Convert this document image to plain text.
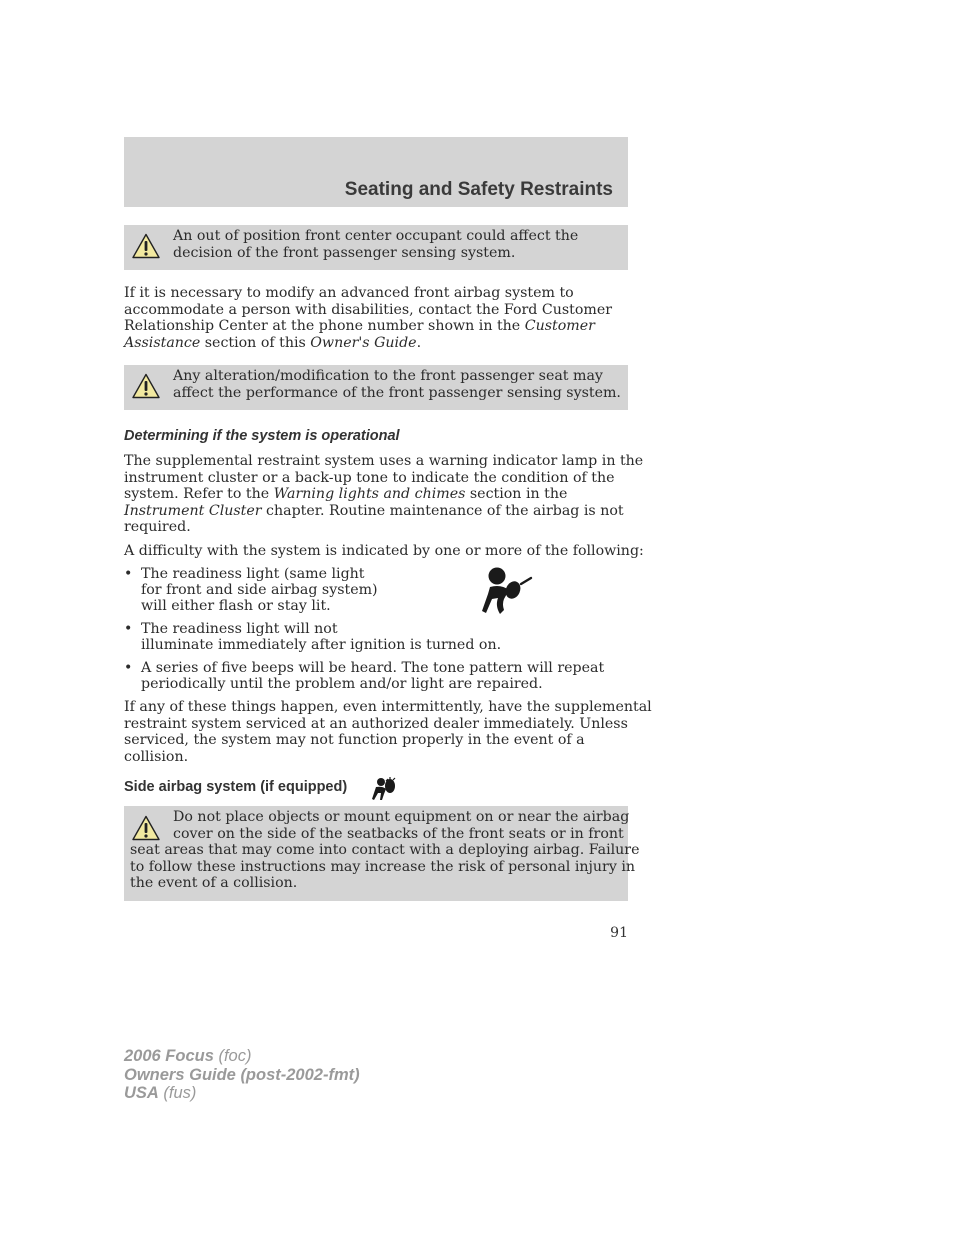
Seating and Safety Restraints
An out of position front center occupant could affect the
decision of the front passenger sensing system.
If it is necessary to modify an advanced front airbag system to
accommodate a person with disabilities, contact the Ford Customer
Relationship Center at the phone number shown in the Customer
Assistance section of this Owner's Guide.
Any alteration/modification to the front passenger seat may
affect the performance of the front passenger sensing system.
Determining if the system is operational
The supplemental restraint system uses a warning indicator lamp in the
instrument cluster or a back-up tone to indicate the condition of the
system. Refer to the Warning lights and chimes section in the
Instrument Cluster chapter. Routine maintenance of the airbag is not
required.
A difficulty with the system is indicated by one or more of the following:
• The readiness light (same light
for front and side airbag system)
will either flash or stay lit.
• The readiness light will not
illuminate immediately after ignition is turned on.
• A series of five beeps will be heard. The tone pattern will repeat
periodically until the problem and/or light are repaired.
If any of these things happen, even intermittently, have the supplemental
restraint system serviced at an authorized dealer immediately. Unless
serviced, the system may not function properly in the event of a
collision.
Side airbag system (if equipped)
Do not place objects or mount equipment on or near the airbag
cover on the side of the seatbacks of the front seats or in front
seat areas that may come into contact with a deploying airbag. Failure
to follow these instructions may increase the risk of personal injury in
the event of a collision.
91
2006 Focus (foc)
Owners Guide (post-2002-fmt)
USA (fus)
